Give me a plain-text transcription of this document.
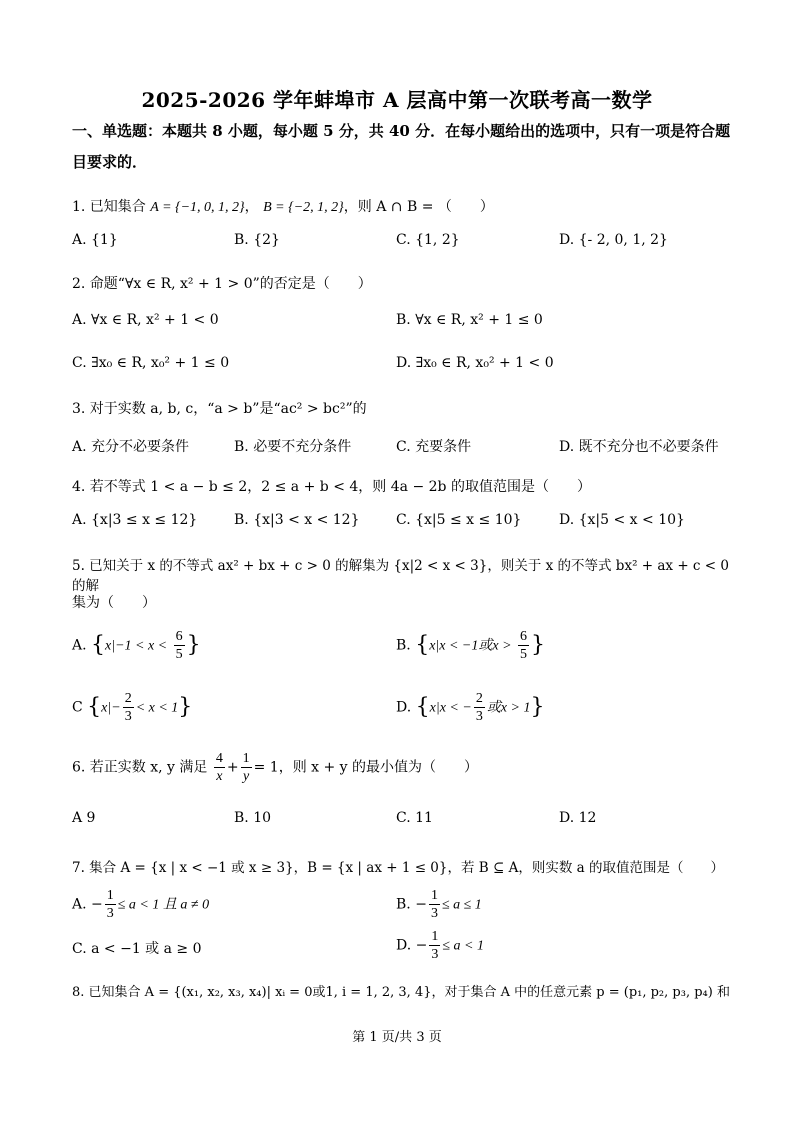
2025-2026 学年蚌埠市 A 层高中第一次联考高一数学
一、单选题：本题共 8 小题，每小题 5 分，共 40 分．在每小题给出的选项中，只有一项是符合题目要求的．
1. 已知集合 A = {−1, 0, 1, 2}， B = {−2, 1, 2}，则 A ∩ B = （　　）
A. {1}	B. {2}	C. {1, 2}	D. {- 2, 0, 1, 2}
2. 命题“∀x ∈ R, x² + 1 > 0”的否定是（　　）
A. ∀x ∈ R, x² + 1 < 0	B. ∀x ∈ R, x² + 1 ≤ 0
C. ∃x₀ ∈ R, x₀² + 1 ≤ 0	D. ∃x₀ ∈ R, x₀² + 1 < 0
3. 对于实数 a, b, c，“a > b”是“ac² > bc²”的
A. 充分不必要条件	B. 必要不充分条件	C. 充要条件	D. 既不充分也不必要条件
4. 若不等式 1 < a − b ≤ 2，2 ≤ a + b < 4，则 4a − 2b 的取值范围是（　　）
A. {x|3 ≤ x ≤ 12}	B. {x|3 < x < 12}	C. {x|5 ≤ x ≤ 10}	D. {x|5 < x < 10}
5. 已知关于 x 的不等式 ax² + bx + c > 0 的解集为 {x|2 < x < 3}，则关于 x 的不等式 bx² + ax + c < 0 的解
集为（　　）
A. {$x|-1 < x < \frac{6}{5}$ }	B. {x|x < −1或$x > \frac{6}{5}$ }
C $\{x|- \frac{2}{3} < x < 1\}$	D. {x|x < − $\frac{2}{3}$ 或x > 1}
6. 若正实数 x, y 满足 $\frac{4}{x} + \frac{1}{y} = 1$，则 x + y 的最小值为（　　）
A 9	B. 10	C. 11	D. 12
7. 集合 A = {x | x < −1 或 x ≥ 3}，B = {x | ax + 1 ≤ 0}，若 B ⊆ A，则实数 a 的取值范围是（　　）
A. − $\frac{1}{3} \le a < 1$ 且 a ≠ 0	B. − $\frac{1}{3} \le a \le 1$
C. a < −1 或 a ≥ 0	D. − $\frac{1}{3} \le a < 1$
8. 已知集合 A = {(x₁, x₂, x₃, x₄)| xᵢ = 0或1, i = 1, 2, 3, 4}，对于集合 A 中的任意元素 p = (p₁, p₂, p₃, p₄) 和
第 1 页/共 3 页
